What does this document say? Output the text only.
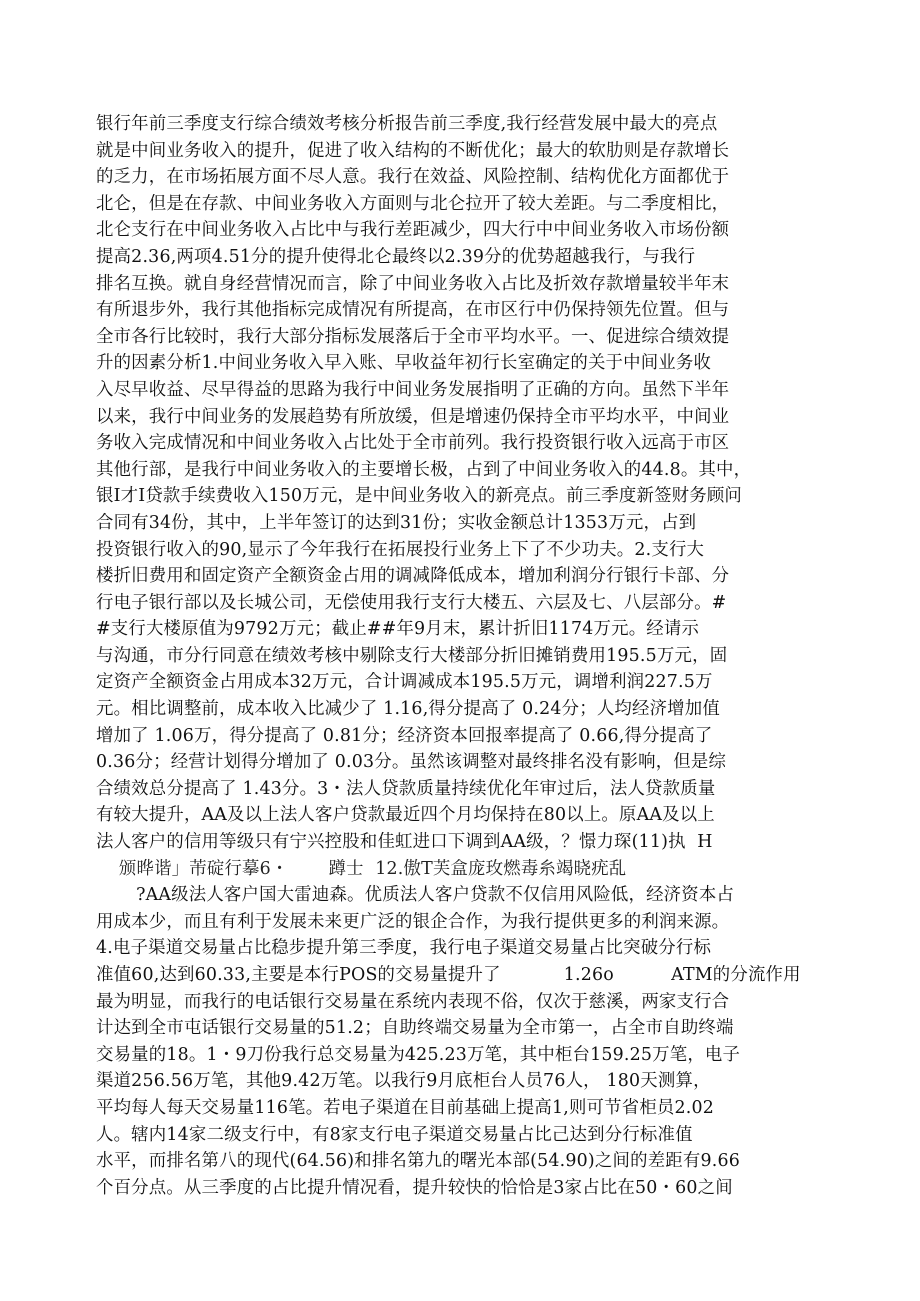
银行年前三季度支行综合绩效考核分析报告前三季度,我行经营发展中最大的亮点
就是中间业务收入的提升，促进了收入结构的不断优化；最大的软肋则是存款增长
的乏力，在市场拓展方面不尽人意。我行在效益、风险控制、结构优化方面都优于
北仑，但是在存款、中间业务收入方面则与北仑拉开了较大差距。与二季度相比，
北仑支行在中间业务收入占比中与我行差距减少，四大行中中间业务收入市场份额
提高2.36,两项4.51分的提升使得北仑最终以2.39分的优势超越我行，与我行
排名互换。就自身经营情况而言，除了中间业务收入占比及折效存款增量较半年末
有所退步外，我行其他指标完成情况有所提高，在市区行中仍保持领先位置。但与
全市各行比较时，我行大部分指标发展落后于全市平均水平。一、促进综合绩效提
升的因素分析1.中间业务收入早入账、早收益年初行长室确定的关于中间业务收
入尽早收益、尽早得益的思路为我行中间业务发展指明了正确的方向。虽然下半年
以来，我行中间业务的发展趋势有所放缓，但是增速仍保持全市平均水平，中间业
务收入完成情况和中间业务收入占比处于全市前列。我行投资银行收入远高于市区
其他行部，是我行中间业务收入的主要增长极，占到了中间业务收入的44.8。其中，
银I才I贷款手续费收入150万元，是中间业务收入的新亮点。前三季度新签财务顾问
合同有34份，其中，上半年签订的达到31份；实收金额总计1353万元，占到
投资银行收入的90,显示了今年我行在拓展投行业务上下了不少功夫。2.支行大
楼折旧费用和固定资产全额资金占用的调减降低成本，增加利润分行银行卡部、分
行电子银行部以及长城公司，无偿使用我行支行大楼五、六层及七、八层部分。#
#支行大楼原值为9792万元；截止##年9月末，累计折旧1174万元。经请示
与沟通，市分行同意在绩效考核中剔除支行大楼部分折旧摊销费用195.5万元，固
定资产全额资金占用成本32万元，合计调减成本195.5万元，调增利润227.5万
元。相比调整前，成本收入比减少了 1.16,得分提高了 0.24分；人均经济增加值
增加了 1.06万，得分提高了 0.81分；经济资本回报率提高了 0.66,得分提高了
0.36分；经营计划得分增加了 0.03分。虽然该调整对最终排名没有影响，但是综
合绩效总分提高了 1.43分。3・法人贷款质量持续优化年审过后，法人贷款质量
有较大提升，AA及以上法人客户贷款最近四个月均保持在80以上。原AA及以上
法人客户的信用等级只有宁兴控股和佳虹进口下调到AA级，？憬力琛(11)执  H
颁晔谐」芾碇行摹6・       蹲士  12.傲T芙盒庞玫燃毒糸竭晓疣乱
?AA级法人客户国大雷迪森。优质法人客户贷款不仅信用风险低，经济资本占
用成本少，而且有利于发展未来更广泛的银企合作，为我行提供更多的利润来源。
4.电子渠道交易量占比稳步提升第三季度，我行电子渠道交易量占比突破分行标
准值60,达到60.33,主要是本行POS的交易量提升了           1.26o          ATM的分流作用
最为明显，而我行的电话银行交易量在系统内表现不俗，仅次于慈溪，两家支行合
计达到全市屯话银行交易量的51.2；自助终端交易量为全市第一，占全市自助终端
交易量的18。1・9刀份我行总交易量为425.23万笔，其中柜台159.25万笔，电子
渠道256.56万笔，其他9.42万笔。以我行9月底柜台人员76人， 180天测算，
平均每人每天交易量116笔。若电子渠道在目前基础上提高1,则可节省柜员2.02
人。辖内14家二级支行中，有8家支行电子渠道交易量占比己达到分行标准值
水平，而排名第八的现代(64.56)和排名第九的曙光本部(54.90)之间的差距有9.66
个百分点。从三季度的占比提升情况看，提升较快的恰恰是3家占比在50・60之间
